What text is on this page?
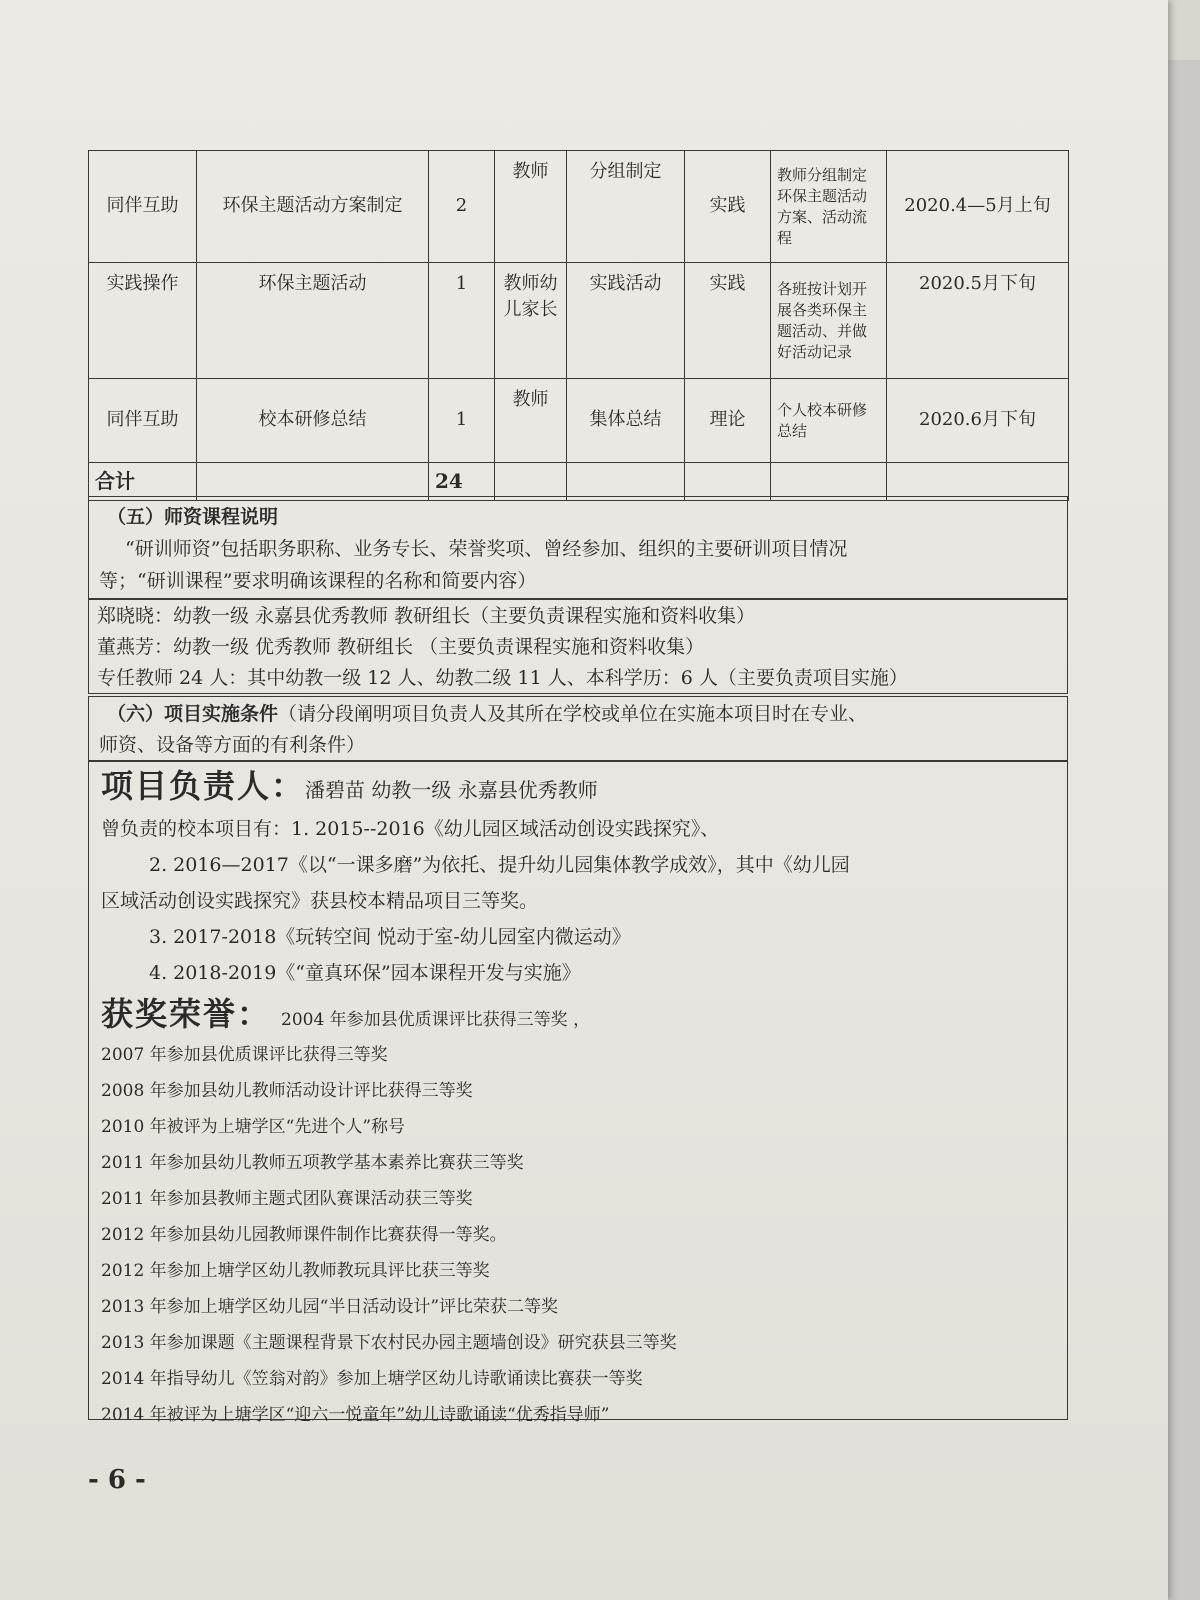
同伴互助	环保主题活动方案制定	2	教师	分组制定	实践	教师分组制定环保主题活动方案、活动流程	2020.4—5月上旬
实践操作	环保主题活动	1	教师幼儿家长	实践活动	实践	各班按计划开展各类环保主题活动、并做好活动记录	2020.5月下旬
同伴互助	校本研修总结	1	教师	集体总结	理论	个人校本研修总结	2020.6月下旬
合计		24					
（五）师资课程说明
“研训师资”包括职务职称、业务专长、荣誉奖项、曾经参加、组织的主要研训项目情况
等；“研训课程”要求明确该课程的名称和简要内容）
郑晓晓：幼教一级 永嘉县优秀教师 教研组长（主要负责课程实施和资料收集）
董燕芳：幼教一级 优秀教师 教研组长 （主要负责课程实施和资料收集）
专任教师 24 人：其中幼教一级 12 人、幼教二级 11 人、本科学历：6 人（主要负责项目实施）
（六）项目实施条件（请分段阐明项目负责人及其所在学校或单位在实施本项目时在专业、
师资、设备等方面的有利条件）
项目负责人：潘碧苗 幼教一级 永嘉县优秀教师
曾负责的校本项目有：1. 2015--2016《幼儿园区域活动创设实践探究》、
2. 2016—2017《以“一课多磨”为依托、提升幼儿园集体教学成效》，其中《幼儿园
区域活动创设实践探究》获县校本精品项目三等奖。
3. 2017-2018《玩转空间 悦动于室-幼儿园室内微运动》
4. 2018-2019《“童真环保”园本课程开发与实施》
获奖荣誉： 2004 年参加县优质课评比获得三等奖 ，
2007 年参加县优质课评比获得三等奖
2008 年参加县幼儿教师活动设计评比获得三等奖
2010 年被评为上塘学区“先进个人”称号
2011 年参加县幼儿教师五项教学基本素养比赛获三等奖
2011 年参加县教师主题式团队赛课活动获三等奖
2012 年参加县幼儿园教师课件制作比赛获得一等奖。
2012 年参加上塘学区幼儿教师教玩具评比获三等奖
2013 年参加上塘学区幼儿园“半日活动设计”评比荣获二等奖
2013 年参加课题《主题课程背景下农村民办园主题墙创设》研究获县三等奖
2014 年指导幼儿《笠翁对韵》参加上塘学区幼儿诗歌诵读比赛获一等奖
2014 年被评为上塘学区“迎六一悦童年”幼儿诗歌诵读“优秀指导师”
- 6 -
